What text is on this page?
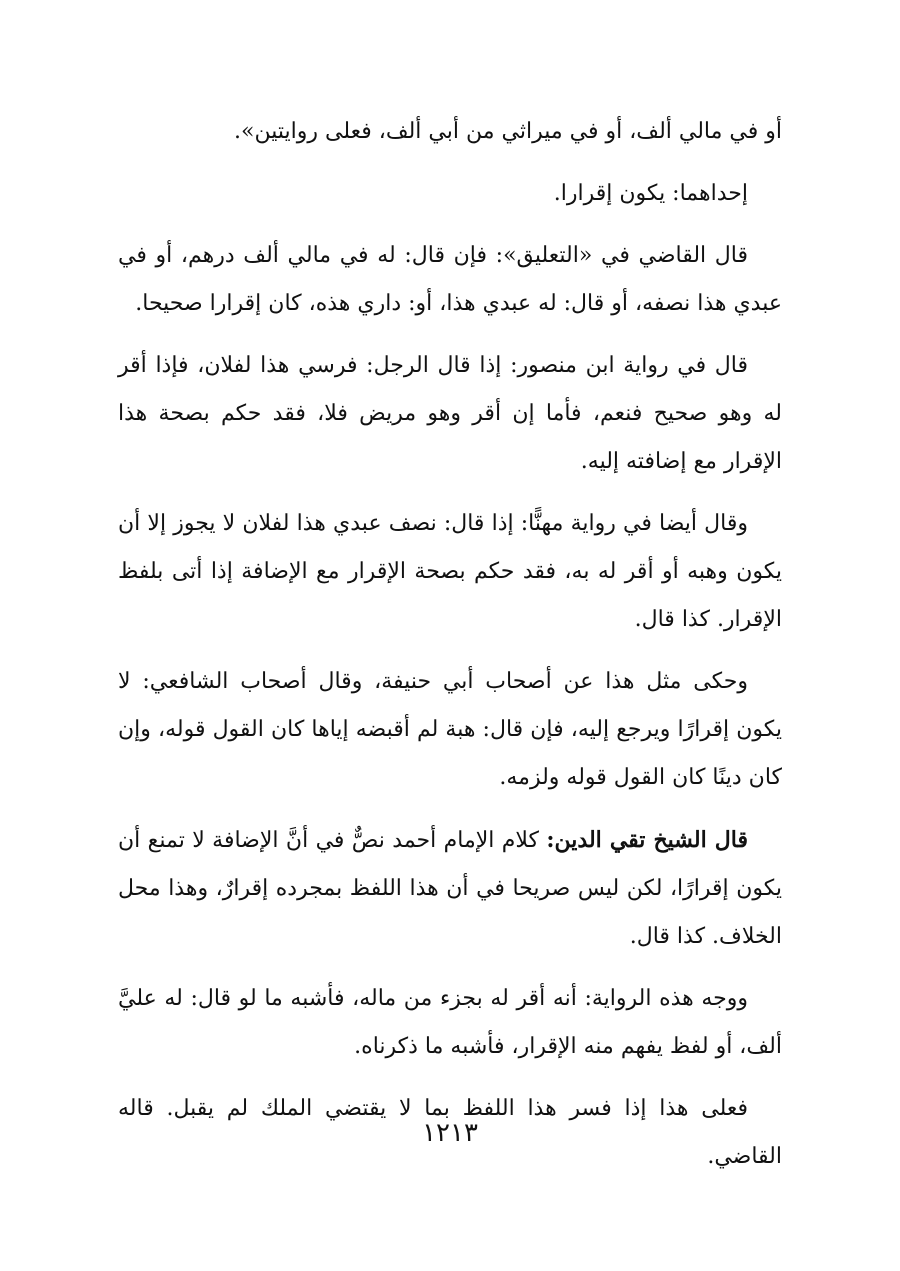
أو في مالي ألف، أو في ميراثي من أبي ألف، فعلى روايتين».

إحداهما: يكون إقرارا.

قال القاضي في «التعليق»: فإن قال: له في مالي ألف درهم، أو في عبدي هذا نصفه، أو قال: له عبدي هذا، أو: داري هذه، كان إقرارا صحيحا.

قال في رواية ابن منصور: إذا قال الرجل: فرسي هذا لفلان، فإذا أقر له وهو صحيح فنعم، فأما إن أقر وهو مريض فلا، فقد حكم بصحة هذا الإقرار مع إضافته إليه.

وقال أيضا في رواية مهنًّا: إذا قال: نصف عبدي هذا لفلان لا يجوز إلا أن يكون وهبه أو أقر له به، فقد حكم بصحة الإقرار مع الإضافة إذا أتى بلفظ الإقرار. كذا قال.

وحكى مثل هذا عن أصحاب أبي حنيفة، وقال أصحاب الشافعي: لا يكون إقرارًا ويرجع إليه، فإن قال: هبة لم أقبضه إياها كان القول قوله، وإن كان دينًا كان القول قوله ولزمه.

قال الشيخ تقي الدين: كلام الإمام أحمد نصٌّ في أنَّ الإضافة لا تمنع أن يكون إقرارًا، لكن ليس صريحا في أن هذا اللفظ بمجرده إقرارٌ، وهذا محل الخلاف. كذا قال.

ووجه هذه الرواية: أنه أقر له بجزء من ماله، فأشبه ما لو قال: له عليَّ ألف، أو لفظ يفهم منه الإقرار، فأشبه ما ذكرناه.

فعلى هذا إذا فسر هذا اللفظ بما لا يقتضي الملك لم يقبل. قاله القاضي.

١٢١٣
